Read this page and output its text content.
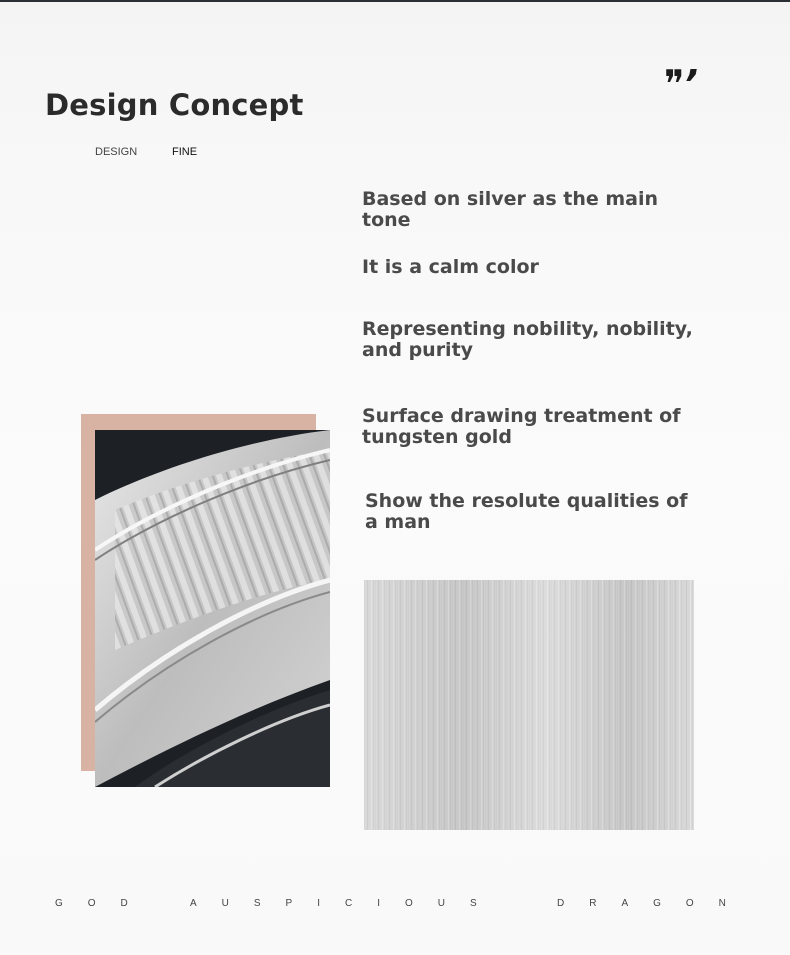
❞’
Design Concept
DESIGN	FINE
Based on silver as the main tone
It is a calm color
Representing nobility, nobility, and purity
Surface drawing treatment of tungsten gold
Show the resolute qualities of a man
GOD	AUSPICIOUS	DRAGON
